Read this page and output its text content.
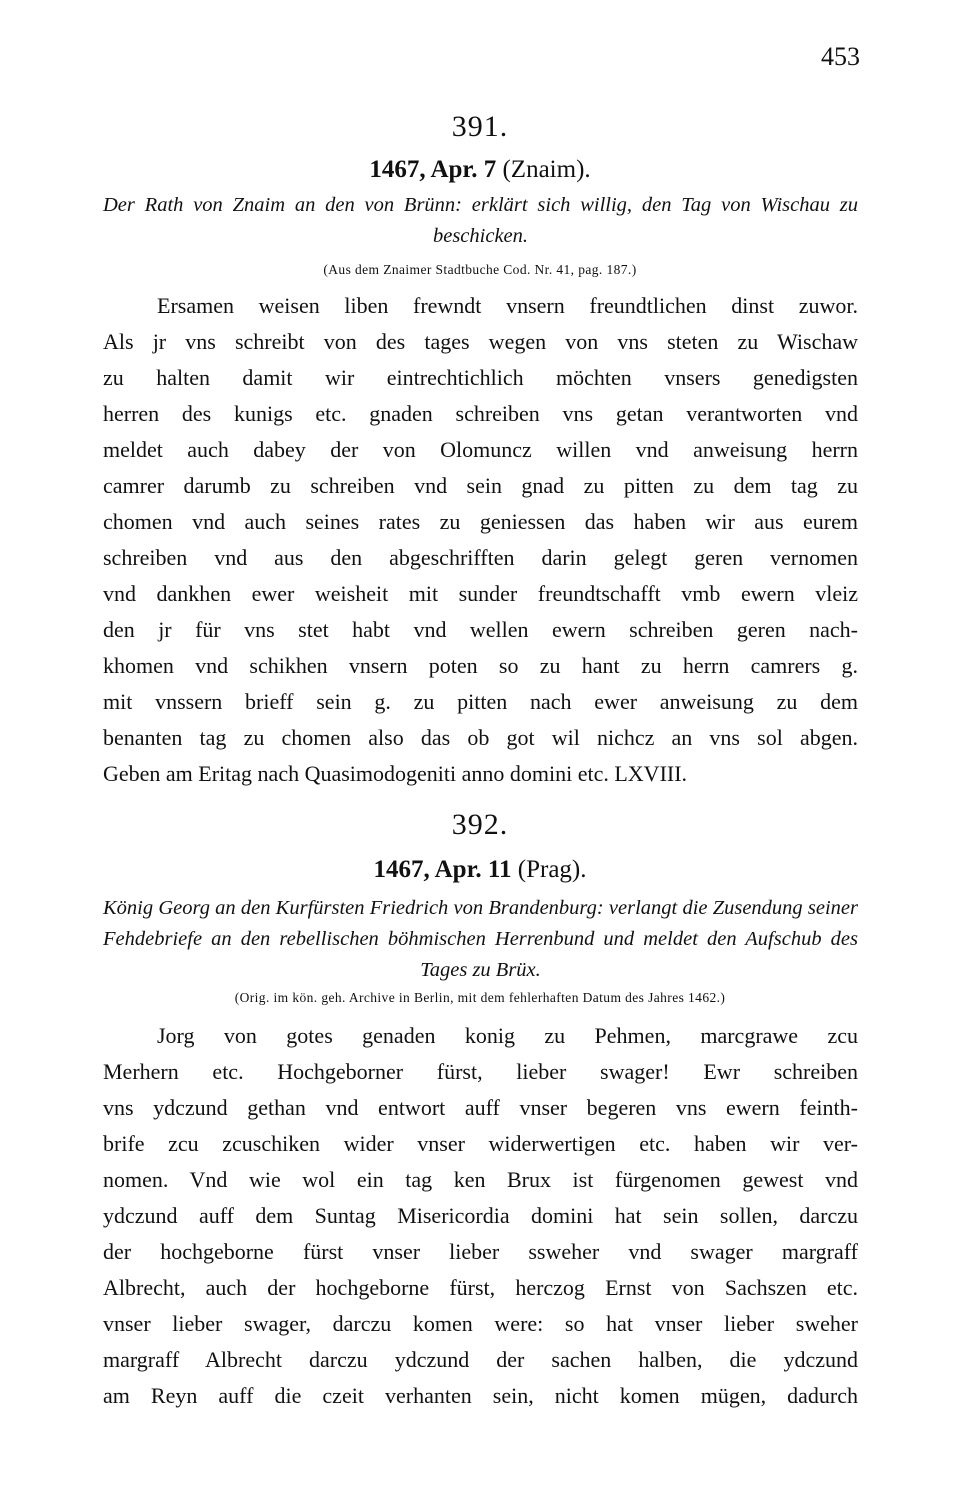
453
391.
1467, Apr. 7 (Znaim).
Der Rath von Znaim an den von Brünn: erklärt sich willig, den Tag von Wischau zu beschicken.
(Aus dem Znaimer Stadtbuche Cod. Nr. 41, pag. 187.)
Ersamen weisen liben frewndt vnsern freundtlichen dinst zuwor.
Als jr vns schreibt von des tages wegen von vns steten zu Wischaw
zu halten damit wir eintrechtichlich möchten vnsers genedigsten
herren des kunigs etc. gnaden schreiben vns getan verantworten vnd
meldet auch dabey der von Olomuncz willen vnd anweisung herrn
camrer darumb zu schreiben vnd sein gnad zu pitten zu dem tag zu
chomen vnd auch seines rates zu geniessen das haben wir aus eurem
schreiben vnd aus den abgeschrifften darin gelegt geren vernomen
vnd dankhen ewer weisheit mit sunder freundtschafft vmb ewern vleiz
den jr für vns stet habt vnd wellen ewern schreiben geren nach-
khomen vnd schikhen vnsern poten so zu hant zu herrn camrers g.
mit vnssern brieff sein g. zu pitten nach ewer anweisung zu dem
benanten tag zu chomen also das ob got wil nichcz an vns sol abgen.
Geben am Eritag nach Quasimodogeniti anno domini etc. LXVIII.
392.
1467, Apr. 11 (Prag).
König Georg an den Kurfürsten Friedrich von Brandenburg: verlangt die Zusendung seiner Fehdebriefe an den rebellischen böhmischen Herrenbund und meldet den Aufschub des Tages zu Brüx.
(Orig. im kön. geh. Archive in Berlin, mit dem fehlerhaften Datum des Jahres 1462.)
Jorg von gotes genaden konig zu Pehmen, marcgrawe zcu
Merhern etc. Hochgeborner fürst, lieber swager! Ewr schreiben
vns ydczund gethan vnd entwort auff vnser begeren vns ewern feinth-
brife zcu zcuschiken wider vnser widerwertigen etc. haben wir ver-
nomen. Vnd wie wol ein tag ken Brux ist fürgenomen gewest vnd
ydczund auff dem Suntag Misericordia domini hat sein sollen, darczu
der hochgeborne fürst vnser lieber ssweher vnd swager margraff
Albrecht, auch der hochgeborne fürst, herczog Ernst von Sachszen etc.
vnser lieber swager, darczu komen were: so hat vnser lieber sweher
margraff Albrecht darczu ydczund der sachen halben, die ydczund
am Reyn auff die czeit verhanten sein, nicht komen mügen, dadurch
